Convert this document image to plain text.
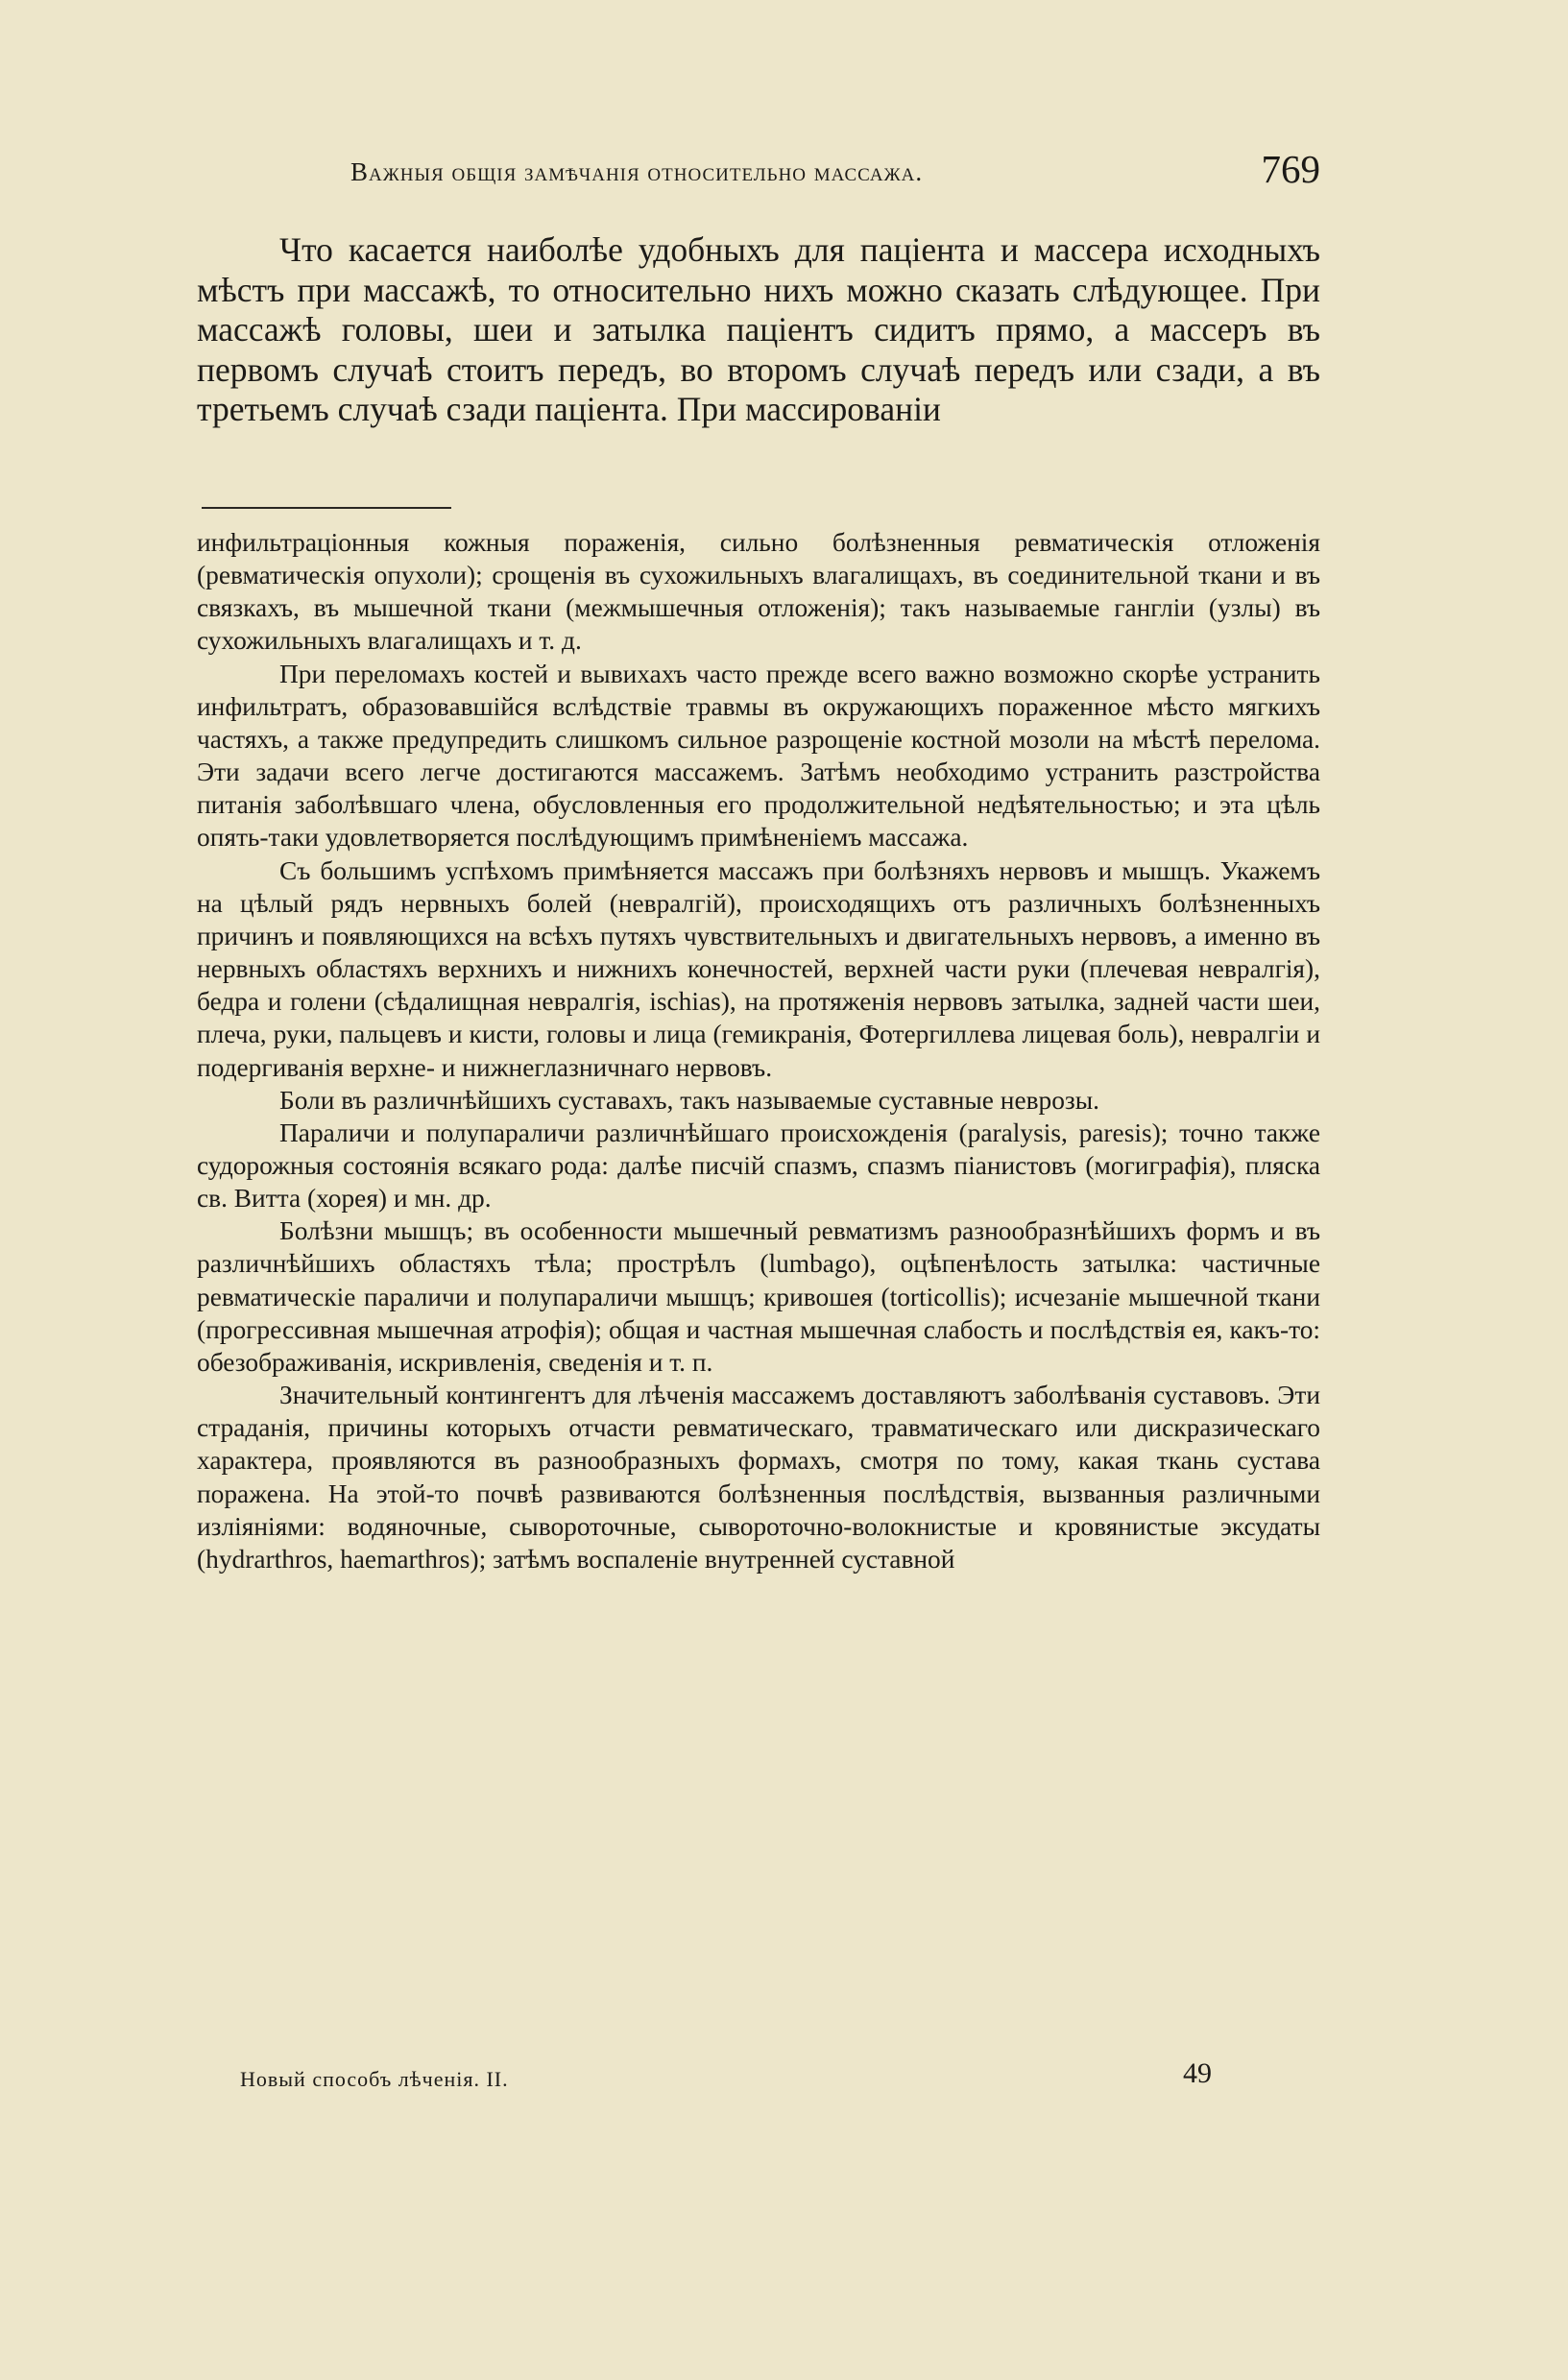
Важныя общія замѣчанія относительно массажа.	769

Что касается наиболѣе удобныхъ для паціента и массера исходныхъ мѣстъ при массажѣ, то относительно нихъ можно сказать слѣдующее. При массажѣ головы, шеи и затылка паціентъ сидитъ прямо, а массеръ въ первомъ случаѣ стоитъ передъ, во второмъ случаѣ передъ или сзади, а въ третьемъ случаѣ сзади паціента. При массированіи

инфильтраціонныя кожныя пораженія, сильно болѣзненныя ревматическія отложенія (ревматическія опухоли); срощенія въ сухожильныхъ влагалищахъ, въ соединительной ткани и въ связкахъ, въ мышечной ткани (межмышечныя отложенія); такъ называемые гангліи (узлы) въ сухожильныхъ влагалищахъ и т. д.

При переломахъ костей и вывихахъ часто прежде всего важно возможно скорѣе устранить инфильтратъ, образовавшійся вслѣдствіе травмы въ окружающихъ пораженное мѣсто мягкихъ частяхъ, а также предупредить слишкомъ сильное разрощеніе костной мозоли на мѣстѣ перелома. Эти задачи всего легче достигаются массажемъ. Затѣмъ необходимо устранить разстройства питанія заболѣвшаго члена, обусловленныя его продолжительной недѣятельностью; и эта цѣль опять-таки удовлетворяется послѣдующимъ примѣненіемъ массажа.

Съ большимъ успѣхомъ примѣняется массажъ при болѣзняхъ нервовъ и мышцъ. Укажемъ на цѣлый рядъ нервныхъ болей (невралгій), происходящихъ отъ различныхъ болѣзненныхъ причинъ и появляющихся на всѣхъ путяхъ чувствительныхъ и двигательныхъ нервовъ, а именно въ нервныхъ областяхъ верхнихъ и нижнихъ конечностей, верхней части руки (плечевая невралгія), бедра и голени (сѣдалищная невралгія, ischias), на протяженія нервовъ затылка, задней части шеи, плеча, руки, пальцевъ и кисти, головы и лица (гемикранія, Фотергиллева лицевая боль), невралгіи и подергиванія верхне- и нижнеглазничнаго нервовъ.

Боли въ различнѣйшихъ суставахъ, такъ называемые суставные неврозы.

Параличи и полупараличи различнѣйшаго происхожденія (paralysis, paresis); точно также судорожныя состоянія всякаго рода: далѣе писчій спазмъ, спазмъ піанистовъ (могиграфія), пляска св. Витта (хорея) и мн. др.

Болѣзни мышцъ; въ особенности мышечный ревматизмъ разнообразнѣйшихъ формъ и въ различнѣйшихъ областяхъ тѣла; прострѣлъ (lumbago), оцѣпенѣлость затылка: частичные ревматическіе параличи и полупараличи мышцъ; кривошея (torticollis); исчезаніе мышечной ткани (прогрессивная мышечная атрофія); общая и частная мышечная слабость и послѣдствія ея, какъ-то: обезображиванія, искривленія, сведенія и т. п.

Значительный контингентъ для лѣченія массажемъ доставляютъ заболѣванія суставовъ. Эти страданія, причины которыхъ отчасти ревматическаго, травматическаго или дискразическаго характера, проявляются въ разнообразныхъ формахъ, смотря по тому, какая ткань сустава поражена. На этой-то почвѣ развиваются болѣзненныя послѣдствія, вызванныя различными изліяніями: водяночные, сывороточные, сывороточно-волокнистые и кровянистые эксудаты (hydrarthros, haemarthros); затѣмъ воспаленіе внутренней суставной

Новый способъ лѣченія. II.	49
